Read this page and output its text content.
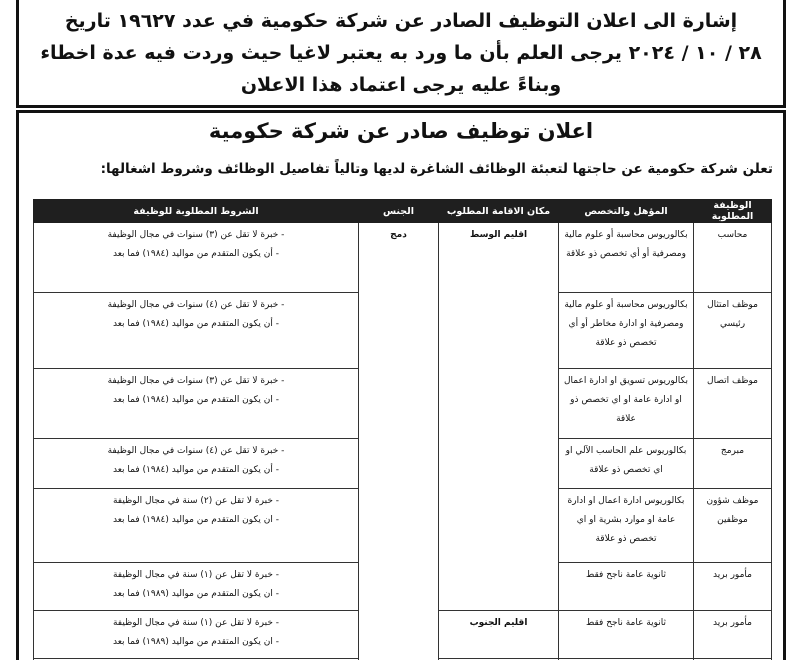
إشارة الى اعلان التوظيف الصادر عن شركة حكومية في عدد ١٩٦٢٧ تاريخ
٢٨ / ١٠ / ٢٠٢٤ يرجى العلم بأن ما ورد به يعتبر لاغيا حيث وردت فيه عدة اخطاء
وبناءً عليه يرجى اعتماد هذا الاعلان
اعلان توظيف صادر عن شركة حكومية
تعلن شركة حكومية عن حاجتها لتعبئة الوظائف الشاغرة لديها وتالياً تفاصيل الوظائف وشروط اشغالها:
الوظيفة المطلوبة	المؤهل والتخصص	مكان الاقامة المطلوب	الجنس	الشروط المطلوبة للوظيفة
محاسب	بكالوريوس محاسبة أو علوم مالية ومصرفية أو أي تخصص ذو علاقة	اقليم الوسط	دمج	- خبرة لا تقل عن (٣) سنوات في مجال الوظيفة
- أن يكون المتقدم من مواليد (١٩٨٤) فما بعد

موظف امتثال رئيسي	بكالوريوس محاسبة أو علوم مالية ومصرفية او ادارة مخاطر أو أي تخصص ذو علاقة			- خبرة لا تقل عن (٤) سنوات في مجال الوظيفة
- أن يكون المتقدم من مواليد (١٩٨٤) فما بعد

موظف اتصال	بكالوريوس تسويق او ادارة اعمال او ادارة عامة او اي تخصص ذو علاقة			- خبرة لا تقل عن (٣) سنوات في مجال الوظيفة
- ان يكون المتقدم من مواليد (١٩٨٤) فما بعد

مبرمج	بكالوريوس علم الحاسب الآلي او اي تخصص ذو علاقة			- خبرة لا تقل عن (٤) سنوات في مجال الوظيفة
- أن يكون المتقدم من مواليد (١٩٨٤) فما بعد

موظف شؤون موظفين	بكالوريوس ادارة اعمال او ادارة عامة او موارد بشرية او اي تخصص ذو علاقة			- خبرة لا تقل عن (٢) سنة في مجال الوظيفة
- ان يكون المتقدم من مواليد (١٩٨٤) فما بعد

مأمور بريد	ثانوية عامة ناجح فقط			- خبرة لا تقل عن (١) سنة في مجال الوظيفة
- ان يكون المتقدم من مواليد (١٩٨٩) فما بعد

مأمور بريد	ثانوية عامة ناجح فقط	اقليم الجنوب		- خبرة لا تقل عن (١) سنة في مجال الوظيفة
- ان يكون المتقدم من مواليد (١٩٨٩) فما بعد
